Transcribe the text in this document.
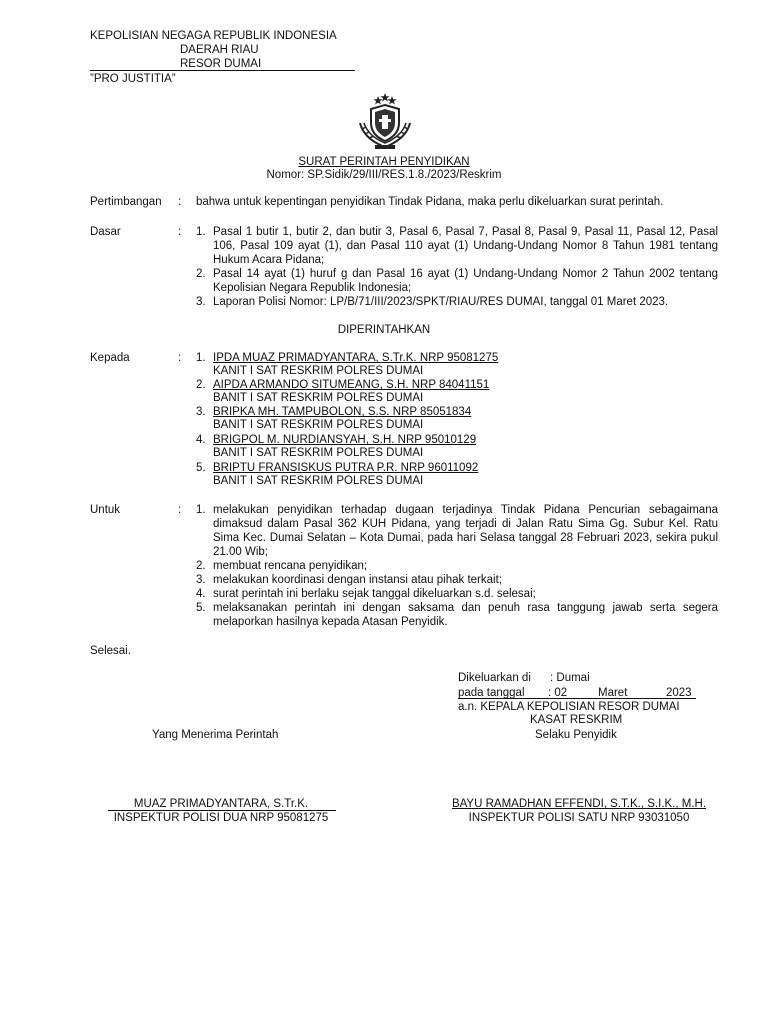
KEPOLISIAN NEGAGA REPUBLIK INDONESIA
DAERAH RIAU
RESOR DUMAI
”PRO JUSTITIA”
SURAT PERINTAH PENYIDIKAN
Nomor: SP.Sidik/29/III/RES.1.8./2023/Reskrim
Pertimbangan : bahwa untuk kepentingan penyidikan Tindak Pidana, maka perlu dikeluarkan surat perintah.
Dasar	: 1. Pasal 1 butir 1, butir 2, dan butir 3, Pasal 6, Pasal 7, Pasal 8, Pasal 9, Pasal 11, Pasal 12, Pasal 106, Pasal 109 ayat (1), dan Pasal 110 ayat (1) Undang-Undang Nomor 8 Tahun 1981 tentang Hukum Acara Pidana;
2. Pasal 14 ayat (1) huruf g dan Pasal 16 ayat (1) Undang-Undang Nomor 2 Tahun 2002 tentang Kepolisian Negara Republik Indonesia;
3. Laporan Polisi Nomor: LP/B/71/III/2023/SPKT/RIAU/RES DUMAI, tanggal 01 Maret 2023.
DIPERINTAHKAN
Kepada	: 1. IPDA MUAZ PRIMADYANTARA, S.Tr.K. NRP 95081275
KANIT I SAT RESKRIM POLRES DUMAI
2. AIPDA ARMANDO SITUMEANG, S.H. NRP 84041151
BANIT I SAT RESKRIM POLRES DUMAI
3. BRIPKA MH. TAMPUBOLON, S.S. NRP 85051834
BANIT I SAT RESKRIM POLRES DUMAI
4. BRIGPOL M. NURDIANSYAH, S.H. NRP 95010129
BANIT I SAT RESKRIM POLRES DUMAI
5. BRIPTU FRANSISKUS PUTRA P.R. NRP 96011092
BANIT I SAT RESKRIM POLRES DUMAI
Untuk	: 1. melakukan penyidikan terhadap dugaan terjadinya Tindak Pidana Pencurian sebagaimana dimaksud dalam Pasal 362 KUH Pidana, yang terjadi di Jalan Ratu Sima Gg. Subur Kel. Ratu Sima Kec. Dumai Selatan – Kota Dumai, pada hari Selasa tanggal 28 Februari 2023, sekira pukul 21.00 Wib;
2. membuat rencana penyidikan;
3. melakukan koordinasi dengan instansi atau pihak terkait;
4. surat perintah ini berlaku sejak tanggal dikeluarkan s.d. selesai;
5. melaksanakan perintah ini dengan saksama dan penuh rasa tanggung jawab serta segera melaporkan hasilnya kepada Atasan Penyidik.
Selesai.
Dikeluarkan di : Dumai
pada tanggal : 02	Maret	2023
a.n. KEPALA KEPOLISIAN RESOR DUMAI
KASAT RESKRIM
Yang Menerima Perintah	Selaku Penyidik
MUAZ PRIMADYANTARA, S.Tr.K.
INSPEKTUR POLISI DUA NRP 95081275
BAYU RAMADHAN EFFENDI, S.T.K., S.I.K., M.H.
INSPEKTUR POLISI SATU NRP 93031050
